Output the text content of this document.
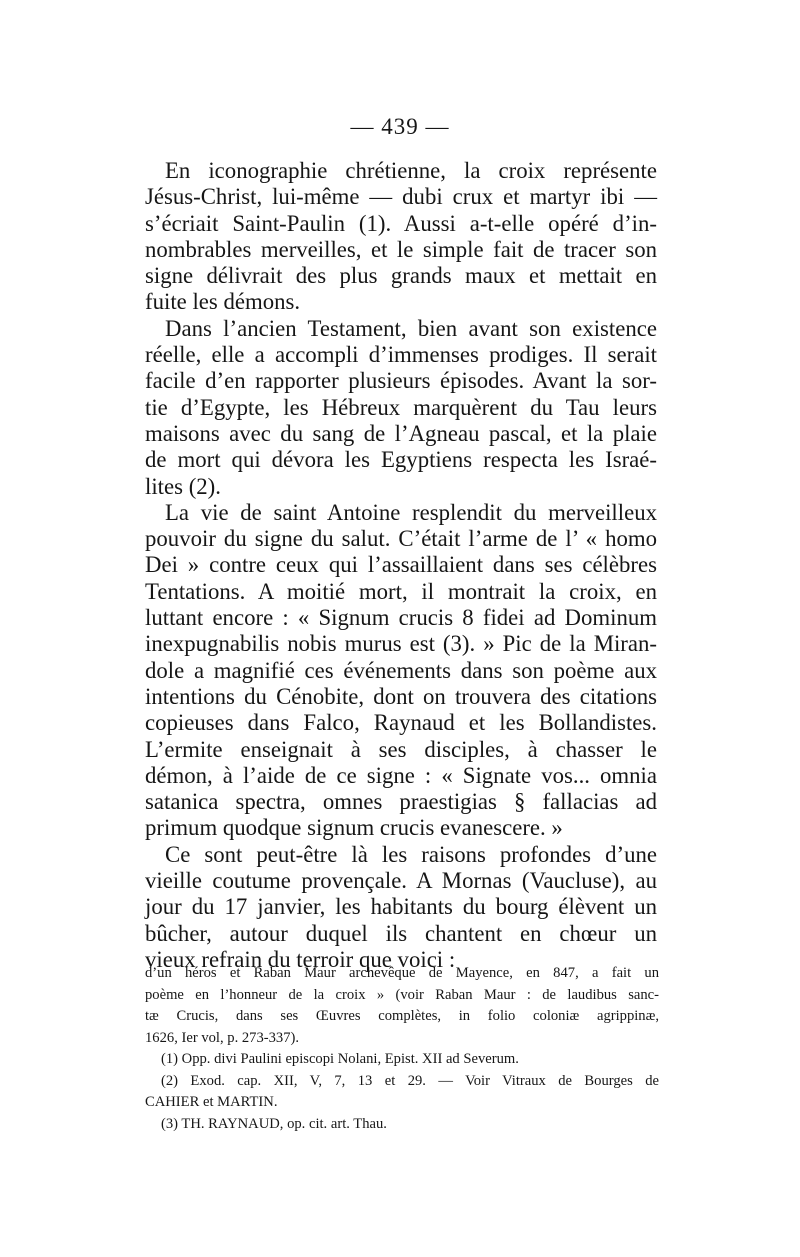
— 439 —
En iconographie chrétienne, la croix représente
Jésus-Christ, lui-même — dubi crux et martyr ibi —
s’écriait Saint-Paulin (1). Aussi a-t-elle opéré d’in-
nombrables merveilles, et le simple fait de tracer son
signe délivrait des plus grands maux et mettait en
fuite les démons.
Dans l’ancien Testament, bien avant son existence
réelle, elle a accompli d’immenses prodiges. Il serait
facile d’en rapporter plusieurs épisodes. Avant la sor-
tie d’Egypte, les Hébreux marquèrent du Tau leurs
maisons avec du sang de l’Agneau pascal, et la plaie
de mort qui dévora les Egyptiens respecta les Israé-
lites (2).
La vie de saint Antoine resplendit du merveilleux
pouvoir du signe du salut. C’était l’arme de l’ « homo
Dei » contre ceux qui l’assaillaient dans ses célèbres
Tentations. A moitié mort, il montrait la croix, en
luttant encore : « Signum crucis 8 fidei ad Dominum
inexpugnabilis nobis murus est (3). » Pic de la Miran-
dole a magnifié ces événements dans son poème aux
intentions du Cénobite, dont on trouvera des citations
copieuses dans Falco, Raynaud et les Bollandistes.
L’ermite enseignait à ses disciples, à chasser le
démon, à l’aide de ce signe : « Signate vos... omnia
satanica spectra, omnes praestigias § fallacias ad
primum quodque signum crucis evanescere. »
Ce sont peut-être là les raisons profondes d’une
vieille coutume provençale. A Mornas (Vaucluse), au
jour du 17 janvier, les habitants du bourg élèvent un
bûcher, autour duquel ils chantent en chœur un
vieux refrain du terroir que voici :
d’un héros et Raban Maur archevêque de Mayence, en 847, a fait un
poème en l’honneur de la croix » (voir Raban Maur : de laudibus sanc-
tæ Crucis, dans ses Œuvres complètes, in folio coloniæ agrippinæ,
1626, Ier vol, p. 273-337).
(1) Opp. divi Paulini episcopi Nolani, Epist. XII ad Severum.
(2) Exod. cap. XII, V, 7, 13 et 29. — Voir Vitraux de Bourges de
CAHIER et MARTIN.
(3) TH. RAYNAUD, op. cit. art. Thau.
